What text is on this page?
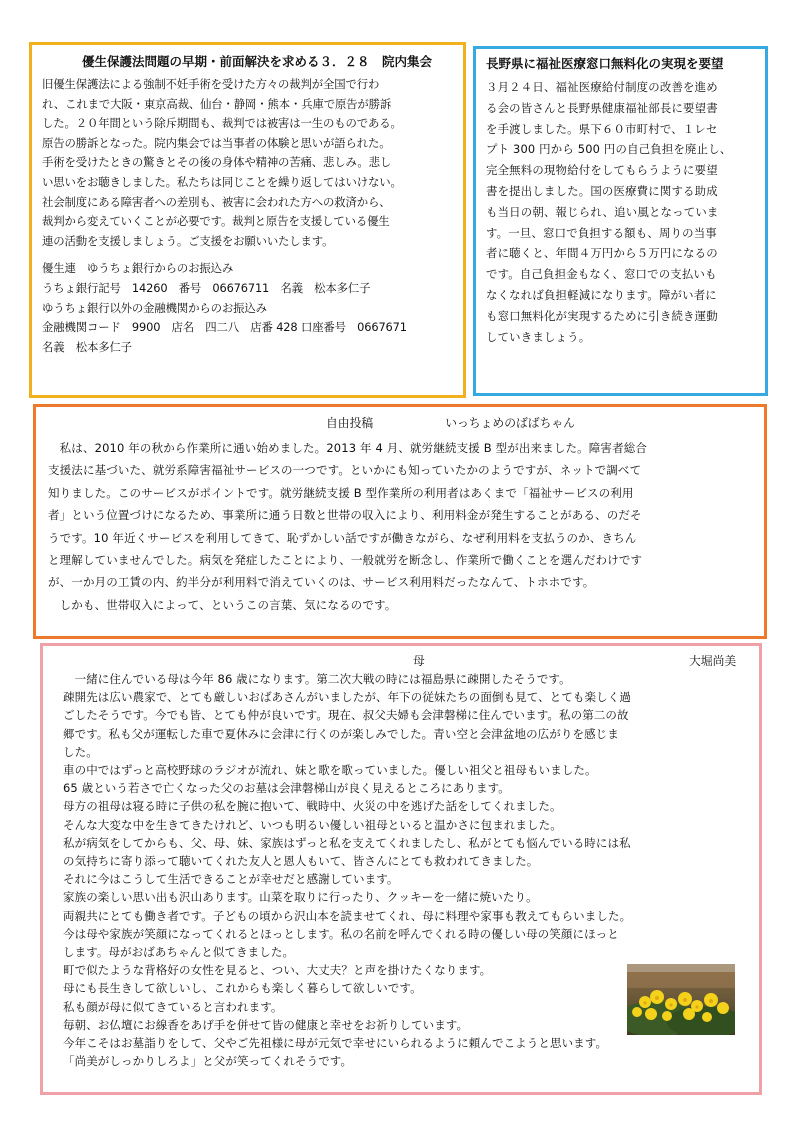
優生保護法問題の早期・前面解決を求める３．２８　院内集会

旧優生保護法による強制不妊手術を受けた方々の裁判が全国で行わ

れ、これまで大阪・東京高裁、仙台・静岡・熊本・兵庫で原告が勝訴

した。２０年間という除斥期間も、裁判では被害は一生のものである。

原告の勝訴となった。院内集会では当事者の体験と思いが語られた。

手術を受けたときの驚きとその後の身体や精神の苦痛、悲しみ。悲し

い思いをお聴きしました。私たちは同じことを繰り返してはいけない。

社会制度にある障害者への差別も、被害に会われた方への救済から、

裁判から変えていくことが必要です。裁判と原告を支援している優生

連の活動を支援しましょう。ご支援をお願いいたします。

優生連　ゆうちょ銀行からのお振込み

うちょ銀行記号　14260　番号　06676711　名義　松本多仁子

ゆうちょ銀行以外の金融機関からのお振込み

金融機関コード　9900　店名　四二八　店番 428 口座番号　0667671

名義　松本多仁子

長野県に福祉医療窓口無料化の実現を要望

３月２４日、福祉医療給付制度の改善を進め

る会の皆さんと長野県健康福祉部長に要望書

を手渡しました。県下６０市町村で、１レセ

プト 300 円から 500 円の自己負担を廃止し、

完全無料の現物給付をしてもらうように要望

書を提出しました。国の医療費に関する助成

も当日の朝、報じられ、追い風となっていま

す。一旦、窓口で負担する額も、周りの当事

者に聴くと、年間４万円から５万円になるの

です。自己負担金もなく、窓口での支払いも

なくなれば負担軽減になります。障がい者に

も窓口無料化が実現するために引き続き運動

していきましょう。

自由投稿	いっちょめのばばちゃん

　私は、2010 年の秋から作業所に通い始めました。2013 年 4 月、就労継続支援 B 型が出来ました。障害者総合

支援法に基づいた、就労系障害福祉サービスの一つです。といかにも知っていたかのようですが、ネットで調べて

知りました。このサービスがポイントです。就労継続支援 B 型作業所の利用者はあくまで「福祉サービスの利用

者」という位置づけになるため、事業所に通う日数と世帯の収入により、利用料金が発生することがある、のだそ

うです。10 年近くサービスを利用してきて、恥ずかしい話ですが働きながら、なぜ利用料を支払うのか、きちん

と理解していませんでした。病気を発症したことにより、一般就労を断念し、作業所で働くことを選んだわけです

が、一か月の工賃の内、約半分が利用料で消えていくのは、サービス利用料だったなんて、トホホです。

　しかも、世帯収入によって、というこの言葉、気になるのです。

母	大堀尚美

　一緒に住んでいる母は今年 86 歳になります。第二次大戦の時には福島県に疎開したそうです。

疎開先は広い農家で、とても厳しいおばあさんがいましたが、年下の従妹たちの面倒も見て、とても楽しく過

ごしたそうです。今でも皆、とても仲が良いです。現在、叔父夫婦も会津磐梯に住んでいます。私の第二の故

郷です。私も父が運転した車で夏休みに会津に行くのが楽しみでした。青い空と会津盆地の広がりを感じま

した。

車の中ではずっと高校野球のラジオが流れ、妹と歌を歌っていました。優しい祖父と祖母もいました。

65 歳という若さで亡くなった父のお墓は会津磐梯山が良く見えるところにあります。

母方の祖母は寝る時に子供の私を腕に抱いて、戦時中、火災の中を逃げた話をしてくれました。

そんな大変な中を生きてきたけれど、いつも明るい優しい祖母といると温かさに包まれました。

私が病気をしてからも、父、母、妹、家族はずっと私を支えてくれましたし、私がとても悩んでいる時には私

の気持ちに寄り添って聴いてくれた友人と恩人もいて、皆さんにとても救われてきました。

それに今はこうして生活できることが幸せだと感謝しています。

家族の楽しい思い出も沢山あります。山菜を取りに行ったり、クッキーを一緒に焼いたり。

両親共にとても働き者です。子どもの頃から沢山本を読ませてくれ、母に料理や家事も教えてもらいました。

今は母や家族が笑顔になってくれるとほっとします。私の名前を呼んでくれる時の優しい母の笑顔にほっと

します。母がおばあちゃんと似てきました。

町で似たような背格好の女性を見ると、つい、大丈夫？と声を掛けたくなります。

母にも長生きして欲しいし、これからも楽しく暮らして欲しいです。

私も顔が母に似てきていると言われます。

毎朝、お仏壇にお線香をあげ手を併せて皆の健康と幸せをお祈りしています。

今年こそはお墓詣りをして、父やご先祖様に母が元気で幸せにいられるように頼んでこようと思います。

「尚美がしっかりしろよ」と父が笑ってくれそうです。
